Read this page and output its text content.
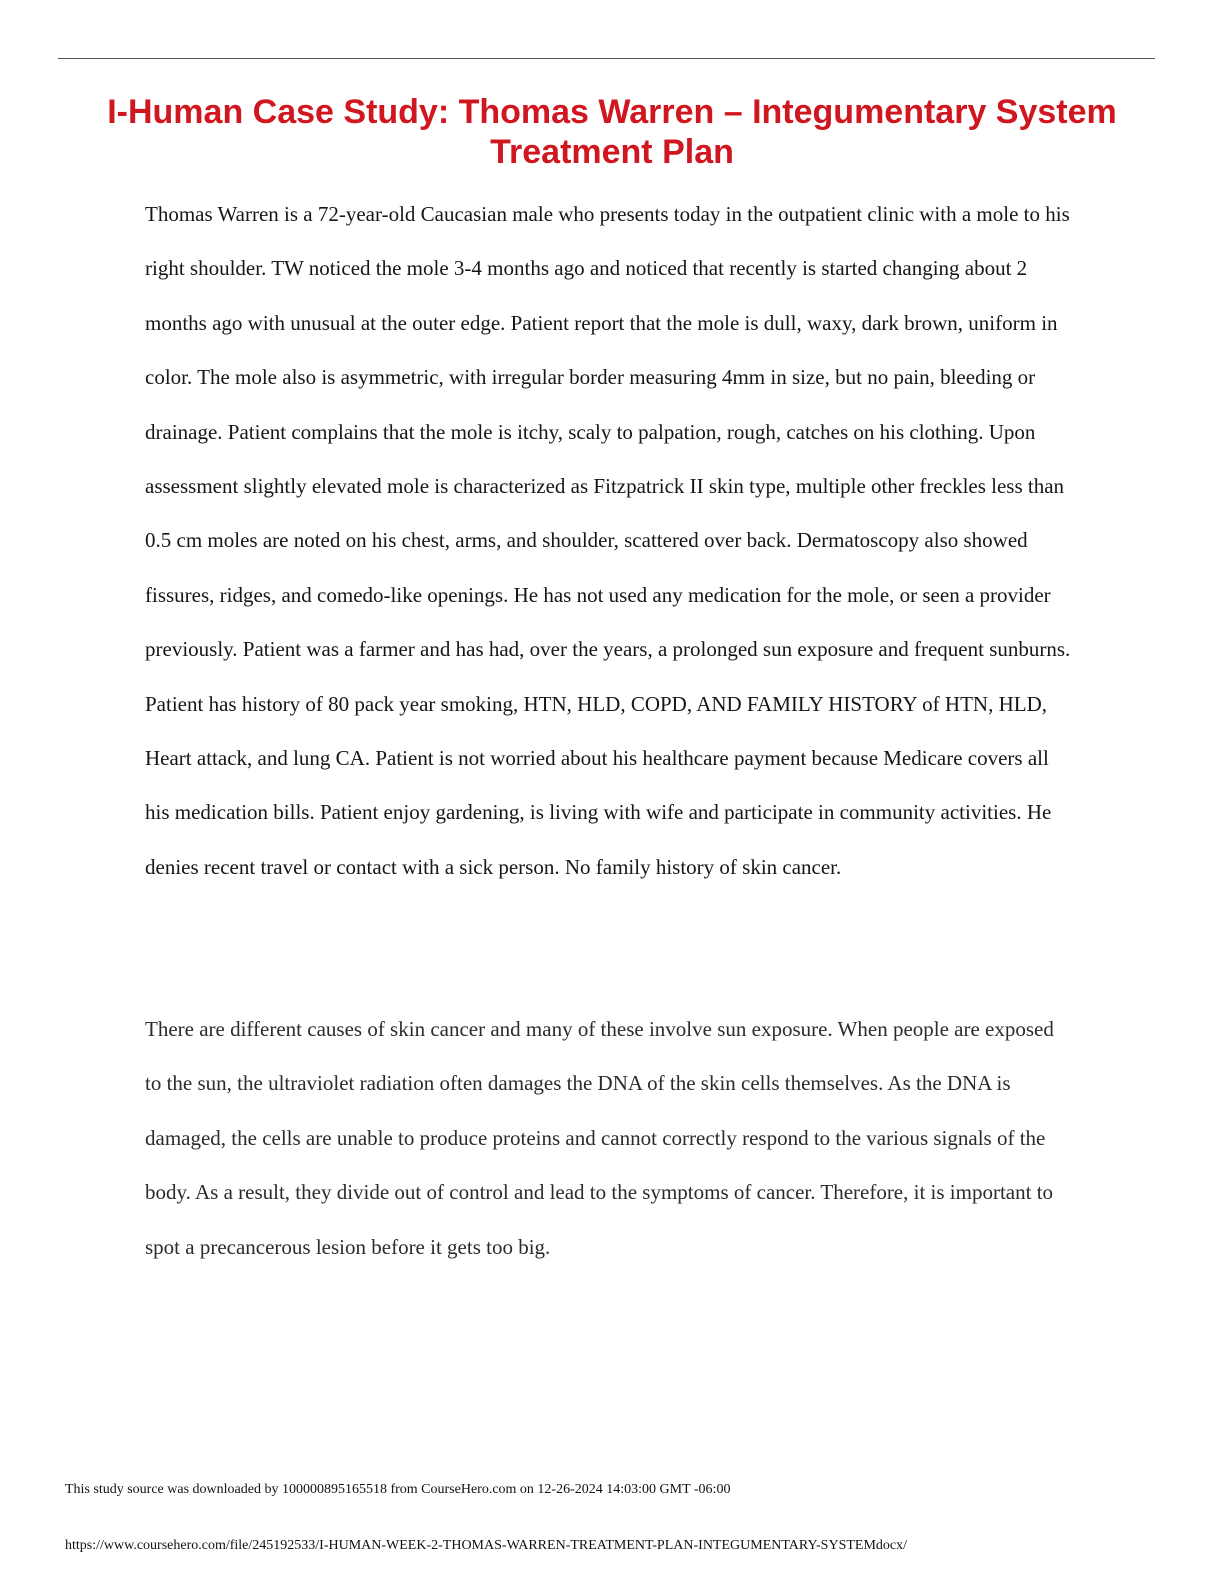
I-Human Case Study: Thomas Warren – Integumentary System Treatment Plan

Thomas Warren is a 72-year-old Caucasian male who presents today in the outpatient clinic with a mole to his right shoulder. TW noticed the mole 3-4 months ago and noticed that recently is started changing about 2 months ago with unusual at the outer edge. Patient report that the mole is dull, waxy, dark brown, uniform in color. The mole also is asymmetric, with irregular border measuring 4mm in size, but no pain, bleeding or drainage. Patient complains that the mole is itchy, scaly to palpation, rough, catches on his clothing. Upon assessment slightly elevated mole is characterized as Fitzpatrick II skin type, multiple other freckles less than 0.5 cm moles are noted on his chest, arms, and shoulder, scattered over back. Dermatoscopy also showed fissures, ridges, and comedo-like openings. He has not used any medication for the mole, or seen a provider previously. Patient was a farmer and has had, over the years, a prolonged sun exposure and frequent sunburns. Patient has history of 80 pack year smoking, HTN, HLD, COPD, AND FAMILY HISTORY of HTN, HLD, Heart attack, and lung CA. Patient is not worried about his healthcare payment because Medicare covers all his medication bills. Patient enjoy gardening, is living with wife and participate in community activities. He denies recent travel or contact with a sick person. No family history of skin cancer.

There are different causes of skin cancer and many of these involve sun exposure. When people are exposed to the sun, the ultraviolet radiation often damages the DNA of the skin cells themselves. As the DNA is damaged, the cells are unable to produce proteins and cannot correctly respond to the various signals of the body. As a result, they divide out of control and lead to the symptoms of cancer. Therefore, it is important to spot a precancerous lesion before it gets too big.

This study source was downloaded by 100000895165518 from CourseHero.com on 12-26-2024 14:03:00 GMT -06:00

https://www.coursehero.com/file/245192533/I-HUMAN-WEEK-2-THOMAS-WARREN-TREATMENT-PLAN-INTEGUMENTARY-SYSTEMdocx/
